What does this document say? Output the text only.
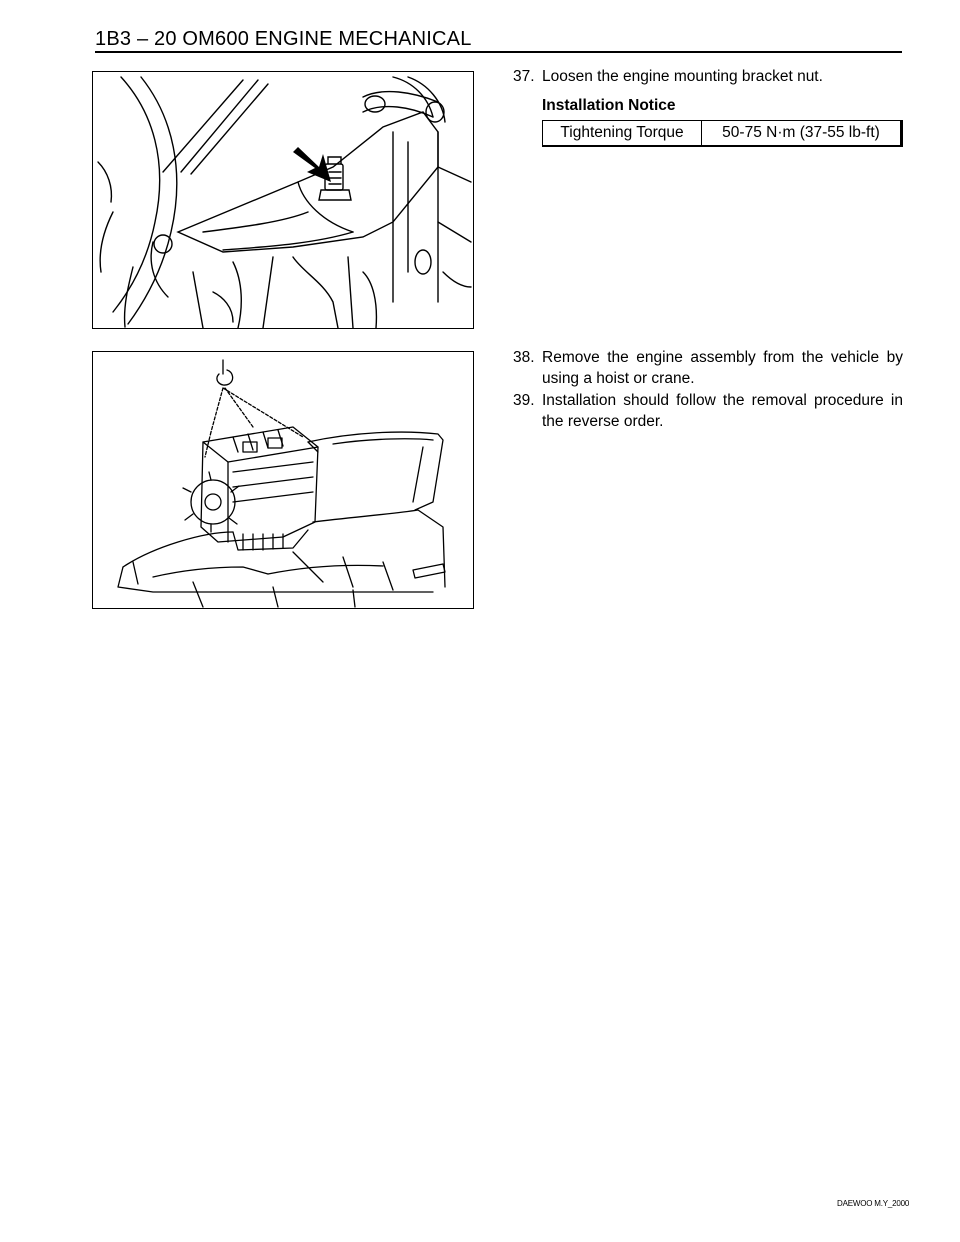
1B3 – 20 OM600 ENGINE MECHANICAL
37. Loosen the engine mounting bracket nut.
Installation Notice
Tightening Torque	50-75 N·m (37-55 lb-ft)
38. Remove the engine assembly from the vehicle by using a hoist or crane.
39. Installation should follow the removal procedure in the reverse order.
DAEWOO M.Y_2000
